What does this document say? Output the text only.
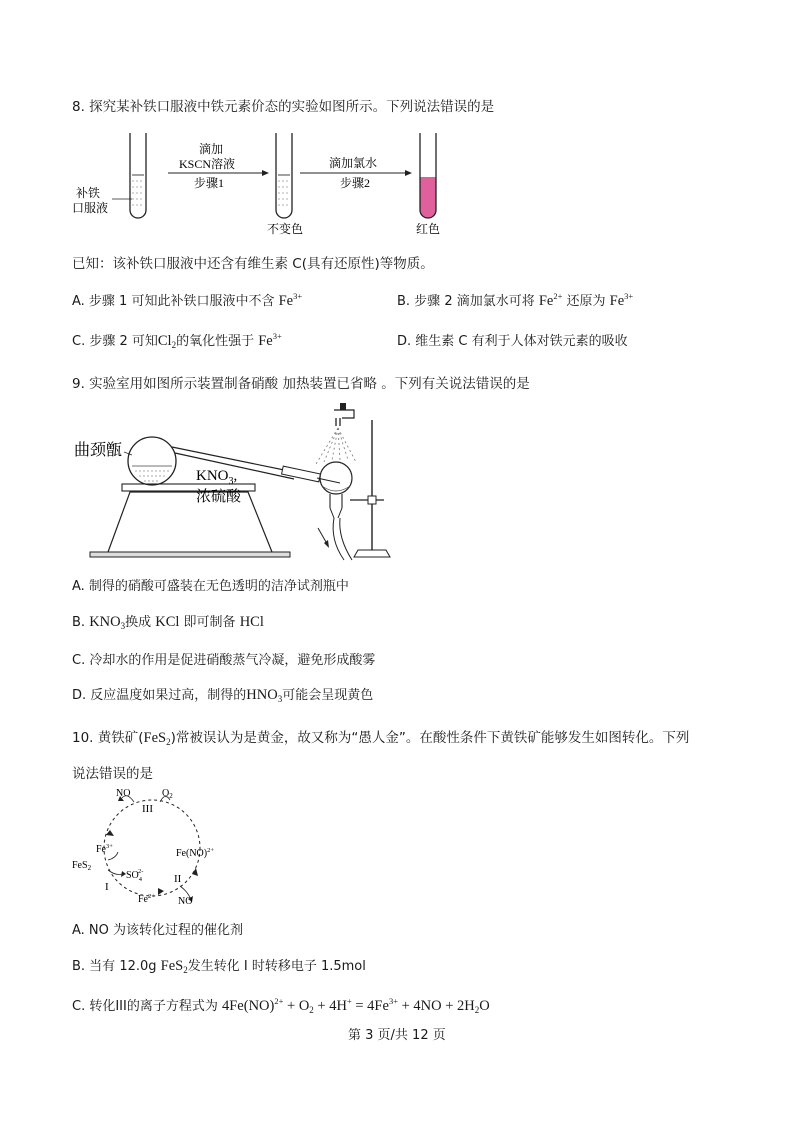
8. 探究某补铁口服液中铁元素价态的实验如图所示。下列说法错误的是
补铁
口服液
滴加
KSCN溶液
步骤1
不变色
滴加氯水
步骤2
红色
已知：该补铁口服液中还含有维生素 C(具有还原性)等物质。
A. 步骤 1 可知此补铁口服液中不含 $Fe^{3+}$	B. 步骤 2 滴加氯水可将 $Fe^{2+}$ 还原为 $Fe^{3+}$
C. 步骤 2 可知$Cl_2$的氧化性强于 $Fe^{3+}$	D. 维生素 C 有利于人体对铁元素的吸收
9. 实验室用如图所示装置制备硝酸 加热装置已省略 。下列有关说法错误的是
曲颈甑
$KNO_3$,
浓硫酸
A. 制得的硝酸可盛装在无色透明的洁净试剂瓶中
B. $KNO_3$换成 KCl 即可制备 HCl
C. 冷却水的作用是促进硝酸蒸气冷凝，避免形成酸雾
D. 反应温度如果过高，制得的$HNO_3$可能会呈现黄色
10. 黄铁矿(FeS$_2$)常被误认为是黄金，故又称为“愚人金”。在酸性条件下黄铁矿能够发生如图转化。下列
说法错误的是
NO	$O_2$
III
$Fe^{3+}$
Fe(NO)$^{2+}$
FeS$_2$
$SO_42-$
I
II
$Fe^{2+}$ NO
A. NO 为该转化过程的催化剂
B. 当有 12.0g FeS$_2$发生转化 I 时转移电子 1.5mol
C. 转化III的离子方程式为 $4Fe(NO)^{2+} + O_2 + 4H^+ = 4Fe^{3+} + 4NO + 2H_2O$
第 3 页/共 12 页
